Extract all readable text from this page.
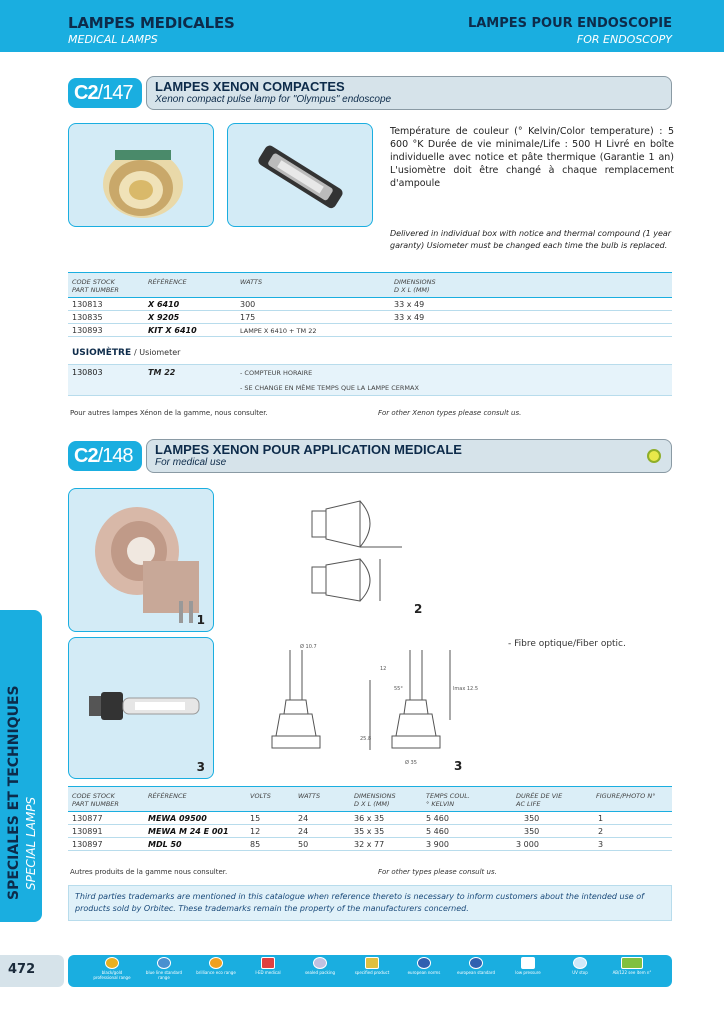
LAMPES MEDICALES
MEDICAL LAMPS
LAMPES POUR ENDOSCOPIE
FOR ENDOSCOPY
C2/147	LAMPES XENON COMPACTES
Xenon compact pulse lamp for "Olympus" endoscope
Température de couleur (° Kelvin/Color temperature) : 5 600 °K Durée de vie minimale/Life : 500 H Livré en boîte individuelle avec notice et pâte thermique (Garantie 1 an) L'usiomètre doit être changé à chaque remplacement d'ampoule
Delivered in individual box with notice and thermal compound (1 year garanty) Usiometer must be changed each time the bulb is replaced.
CODE STOCK
PART NUMBER
RÉFÉRENCE	WATTS	DIMENSIONS
D X L (MM)
130813	X 6410	300	33 x 49
130835	X 9205	175	33 x 49
130893	KIT X 6410	LAMPE X 6410 + TM 22
USIOMÈTRE / Usiometer
130803	TM 22	- COMPTEUR HORAIRE
- SE CHANGE EN MÊME TEMPS QUE LA LAMPE CERMAX
Pour autres lampes Xénon de la gamme, nous consulter.	For other Xenon types please consult us.
C2/148	LAMPES XENON POUR APPLICATION MEDICALE
For medical use
1
3
2
Ø 10.7
Ø 35
lmax 12.5
55°
12
25.8
3
- Fibre optique/Fiber optic.
CODE STOCK
PART NUMBER
RÉFÉRENCE	VOLTS	WATTS	DIMENSIONS
D X L (MM)
TEMPS COUL.
° KELVIN
DURÉE DE VIE
AC LIFE
FIGURE/PHOTO N°
130877	MEWA 09500	15	24	36 x 35	5 460	350	1
130891	MEWA M 24 E 001	12	24	35 x 35	5 460	350	2
130897	MDL 50	85	50	32 x 77	3 900	3 000	3
Autres produits de la gamme nous consulter.	For other types please consult us.
Third parties trademarks are mentioned in this catalogue when reference thereto is necessary to inform customers about the intended use of products sold by Orbitec. These trademarks remain the property of the manufacturers concerned.
SPECIALES ET TECHNIQUES SPECIAL LAMPS
472	black/gold professional range
blue line standard range
brilliance eco range	I-ED medical	sealed packing	specified product	european norms	european standard	low pressure	UV stop	AB/122 see item n°
